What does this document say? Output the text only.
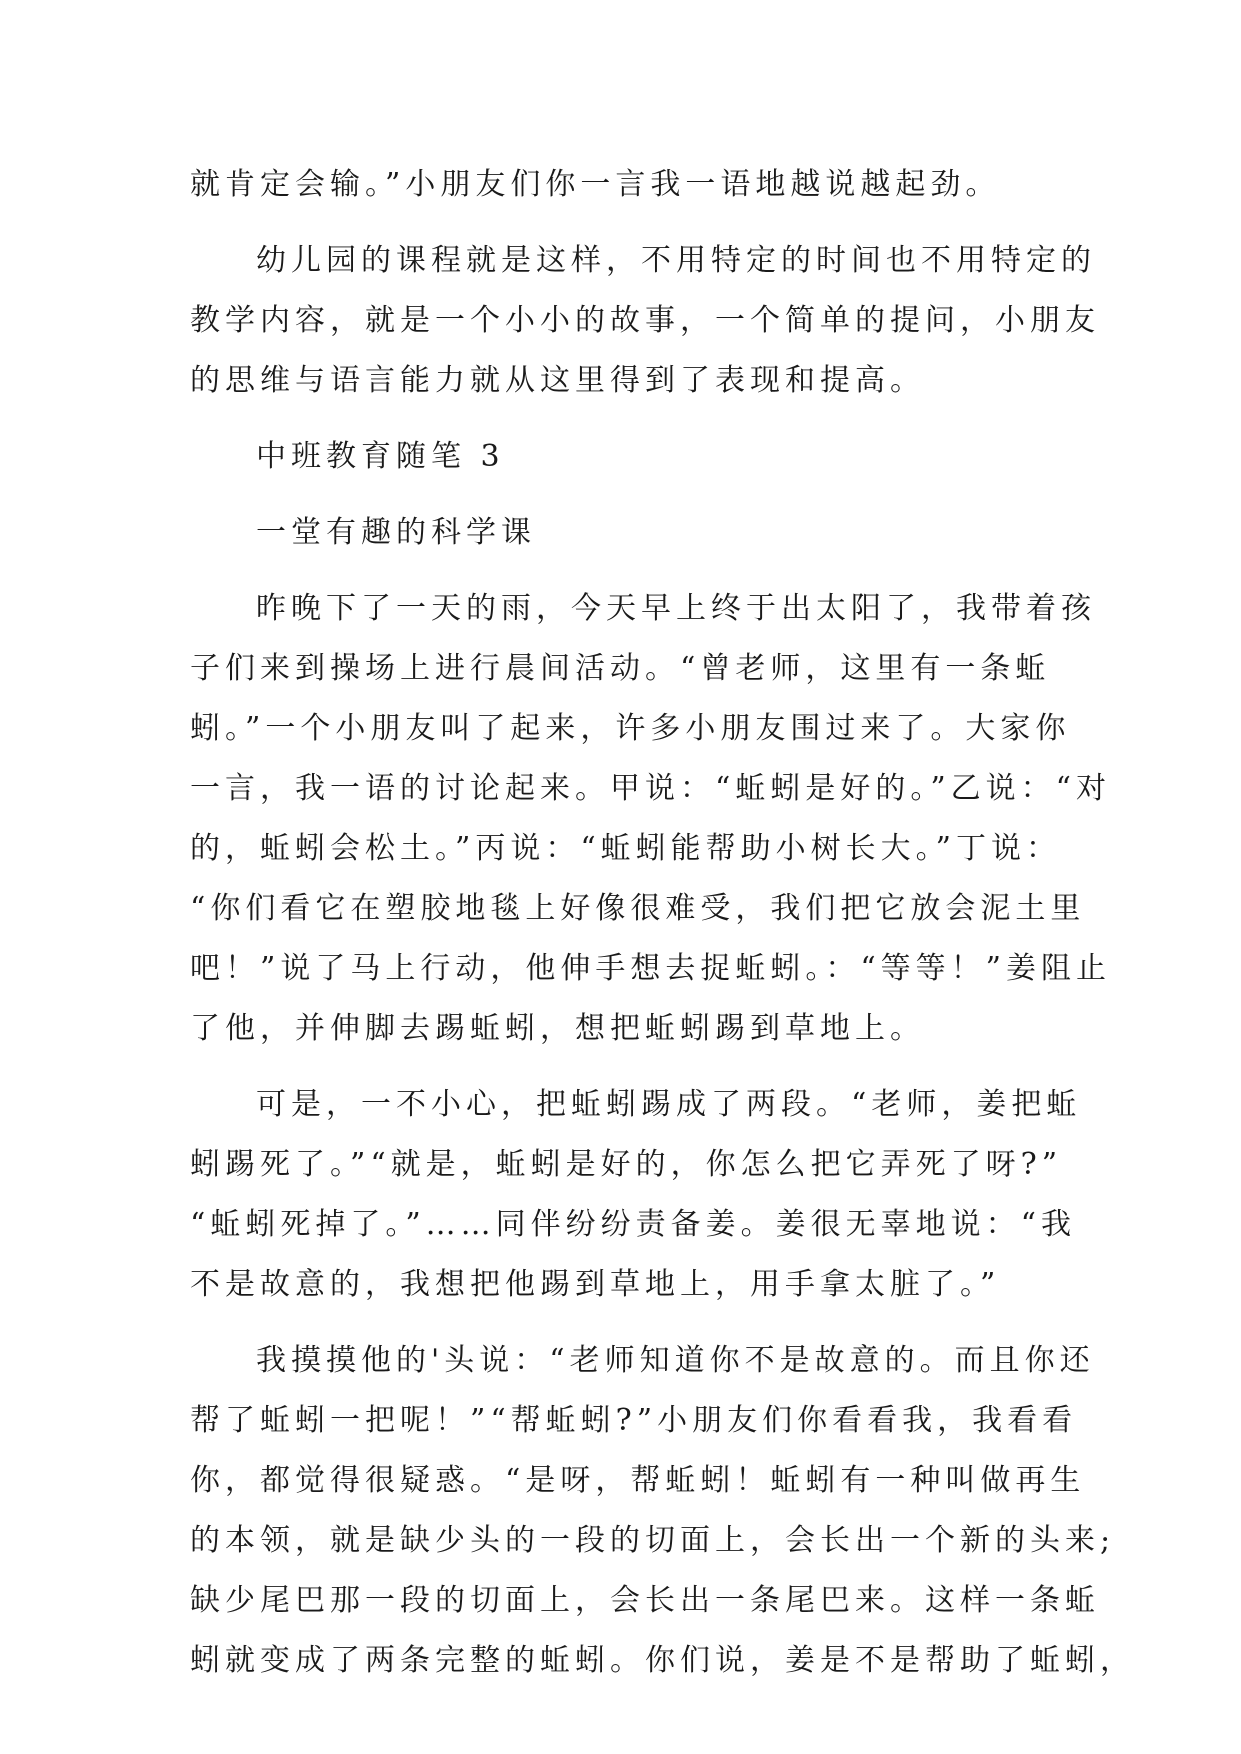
就肯定会输。”小朋友们你一言我一语地越说越起劲。
幼儿园的课程就是这样，不用特定的时间也不用特定的
教学内容，就是一个小小的故事，一个简单的提问，小朋友
的思维与语言能力就从这里得到了表现和提高。
中班教育随笔 3
一堂有趣的科学课
昨晚下了一天的雨，今天早上终于出太阳了，我带着孩
子们来到操场上进行晨间活动。“曾老师，这里有一条蚯
蚓。”一个小朋友叫了起来，许多小朋友围过来了。大家你
一言，我一语的讨论起来。甲说：“蚯蚓是好的。”乙说：“对
的，蚯蚓会松土。”丙说：“蚯蚓能帮助小树长大。”丁说：
“你们看它在塑胶地毯上好像很难受，我们把它放会泥土里
吧！”说了马上行动，他伸手想去捉蚯蚓。：“等等！”姜阻止
了他，并伸脚去踢蚯蚓，想把蚯蚓踢到草地上。
可是，一不小心，把蚯蚓踢成了两段。“老师，姜把蚯
蚓踢死了。”“就是，蚯蚓是好的，你怎么把它弄死了呀?”
“蚯蚓死掉了。”……同伴纷纷责备姜。姜很无辜地说：“我
不是故意的，我想把他踢到草地上，用手拿太脏了。”
我摸摸他的'头说：“老师知道你不是故意的。而且你还
帮了蚯蚓一把呢！”“帮蚯蚓?”小朋友们你看看我，我看看
你，都觉得很疑惑。“是呀，帮蚯蚓！蚯蚓有一种叫做再生
的本领，就是缺少头的一段的切面上，会长出一个新的头来;
缺少尾巴那一段的切面上，会长出一条尾巴来。这样一条蚯
蚓就变成了两条完整的蚯蚓。你们说，姜是不是帮助了蚯蚓，
